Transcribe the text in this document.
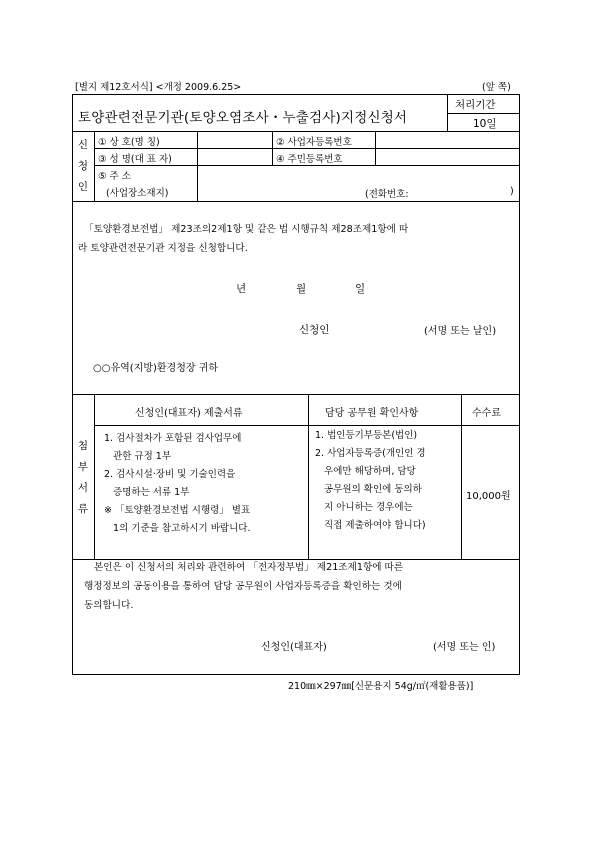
[별지 제12호서식] <개정 2009.6.25>	(앞 쪽)
토양관련전문기관(토양오염조사・누출검사)지정신청서
처리기간
10일
신
청
인
① 상 호(명 칭)	② 사업자등록번호
③ 성 명(대 표 자)	④ 주민등록번호
⑤ 주 소
(사업장소재지)	(전화번호:	)
「토양환경보전법」 제23조의2제1항 및 같은 법 시행규칙 제28조제1항에 따
라 토양관련전문기관 지정을 신청합니다.
년	월	일
신청인	(서명 또는 날인)
○○유역(지방)환경청장 귀하
첨
부
서
류
신청인(대표자) 제출서류	담당 공무원 확인사항	수수료
1. 검사절차가 포함된 검사업무에
관한 규정 1부
2. 검사시설·장비 및 기술인력을
증명하는 서류 1부
※ 「토양환경보전법 시행령」 별표
1의 기준을 참고하시기 바랍니다.
1. 법인등기부등본(법인)
2. 사업자등록증(개인인 경
우에만 해당하며, 담당
공무원의 확인에 동의하
지 아니하는 경우에는
직접 제출하여야 합니다)
10,000원
본인은 이 신청서의 처리와 관련하여 「전자정부법」 제21조제1항에 따른
행정정보의 공동이용을 통하여 담당 공무원이 사업자등록증을 확인하는 것에
동의합니다.
신청인(대표자)	(서명 또는 인)
210㎜×297㎜[신문용지 54g/㎡(재활용품)]
